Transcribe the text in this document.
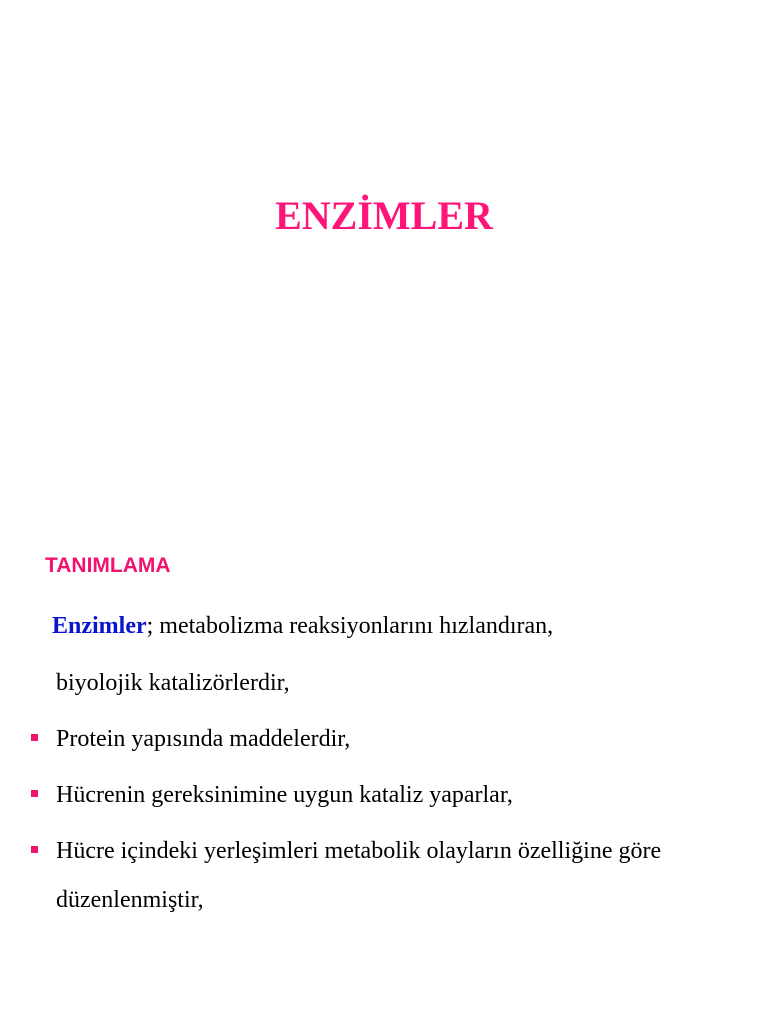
ENZİMLER
TANIMLAMA
Enzimler; metabolizma reaksiyonlarını hızlandıran,
biyolojik katalizörlerdir,
Protein yapısında maddelerdir,
Hücrenin gereksinimine uygun kataliz yaparlar,
Hücre içindeki yerleşimleri metabolik olayların özelliğine göre
düzenlenmiştir,
